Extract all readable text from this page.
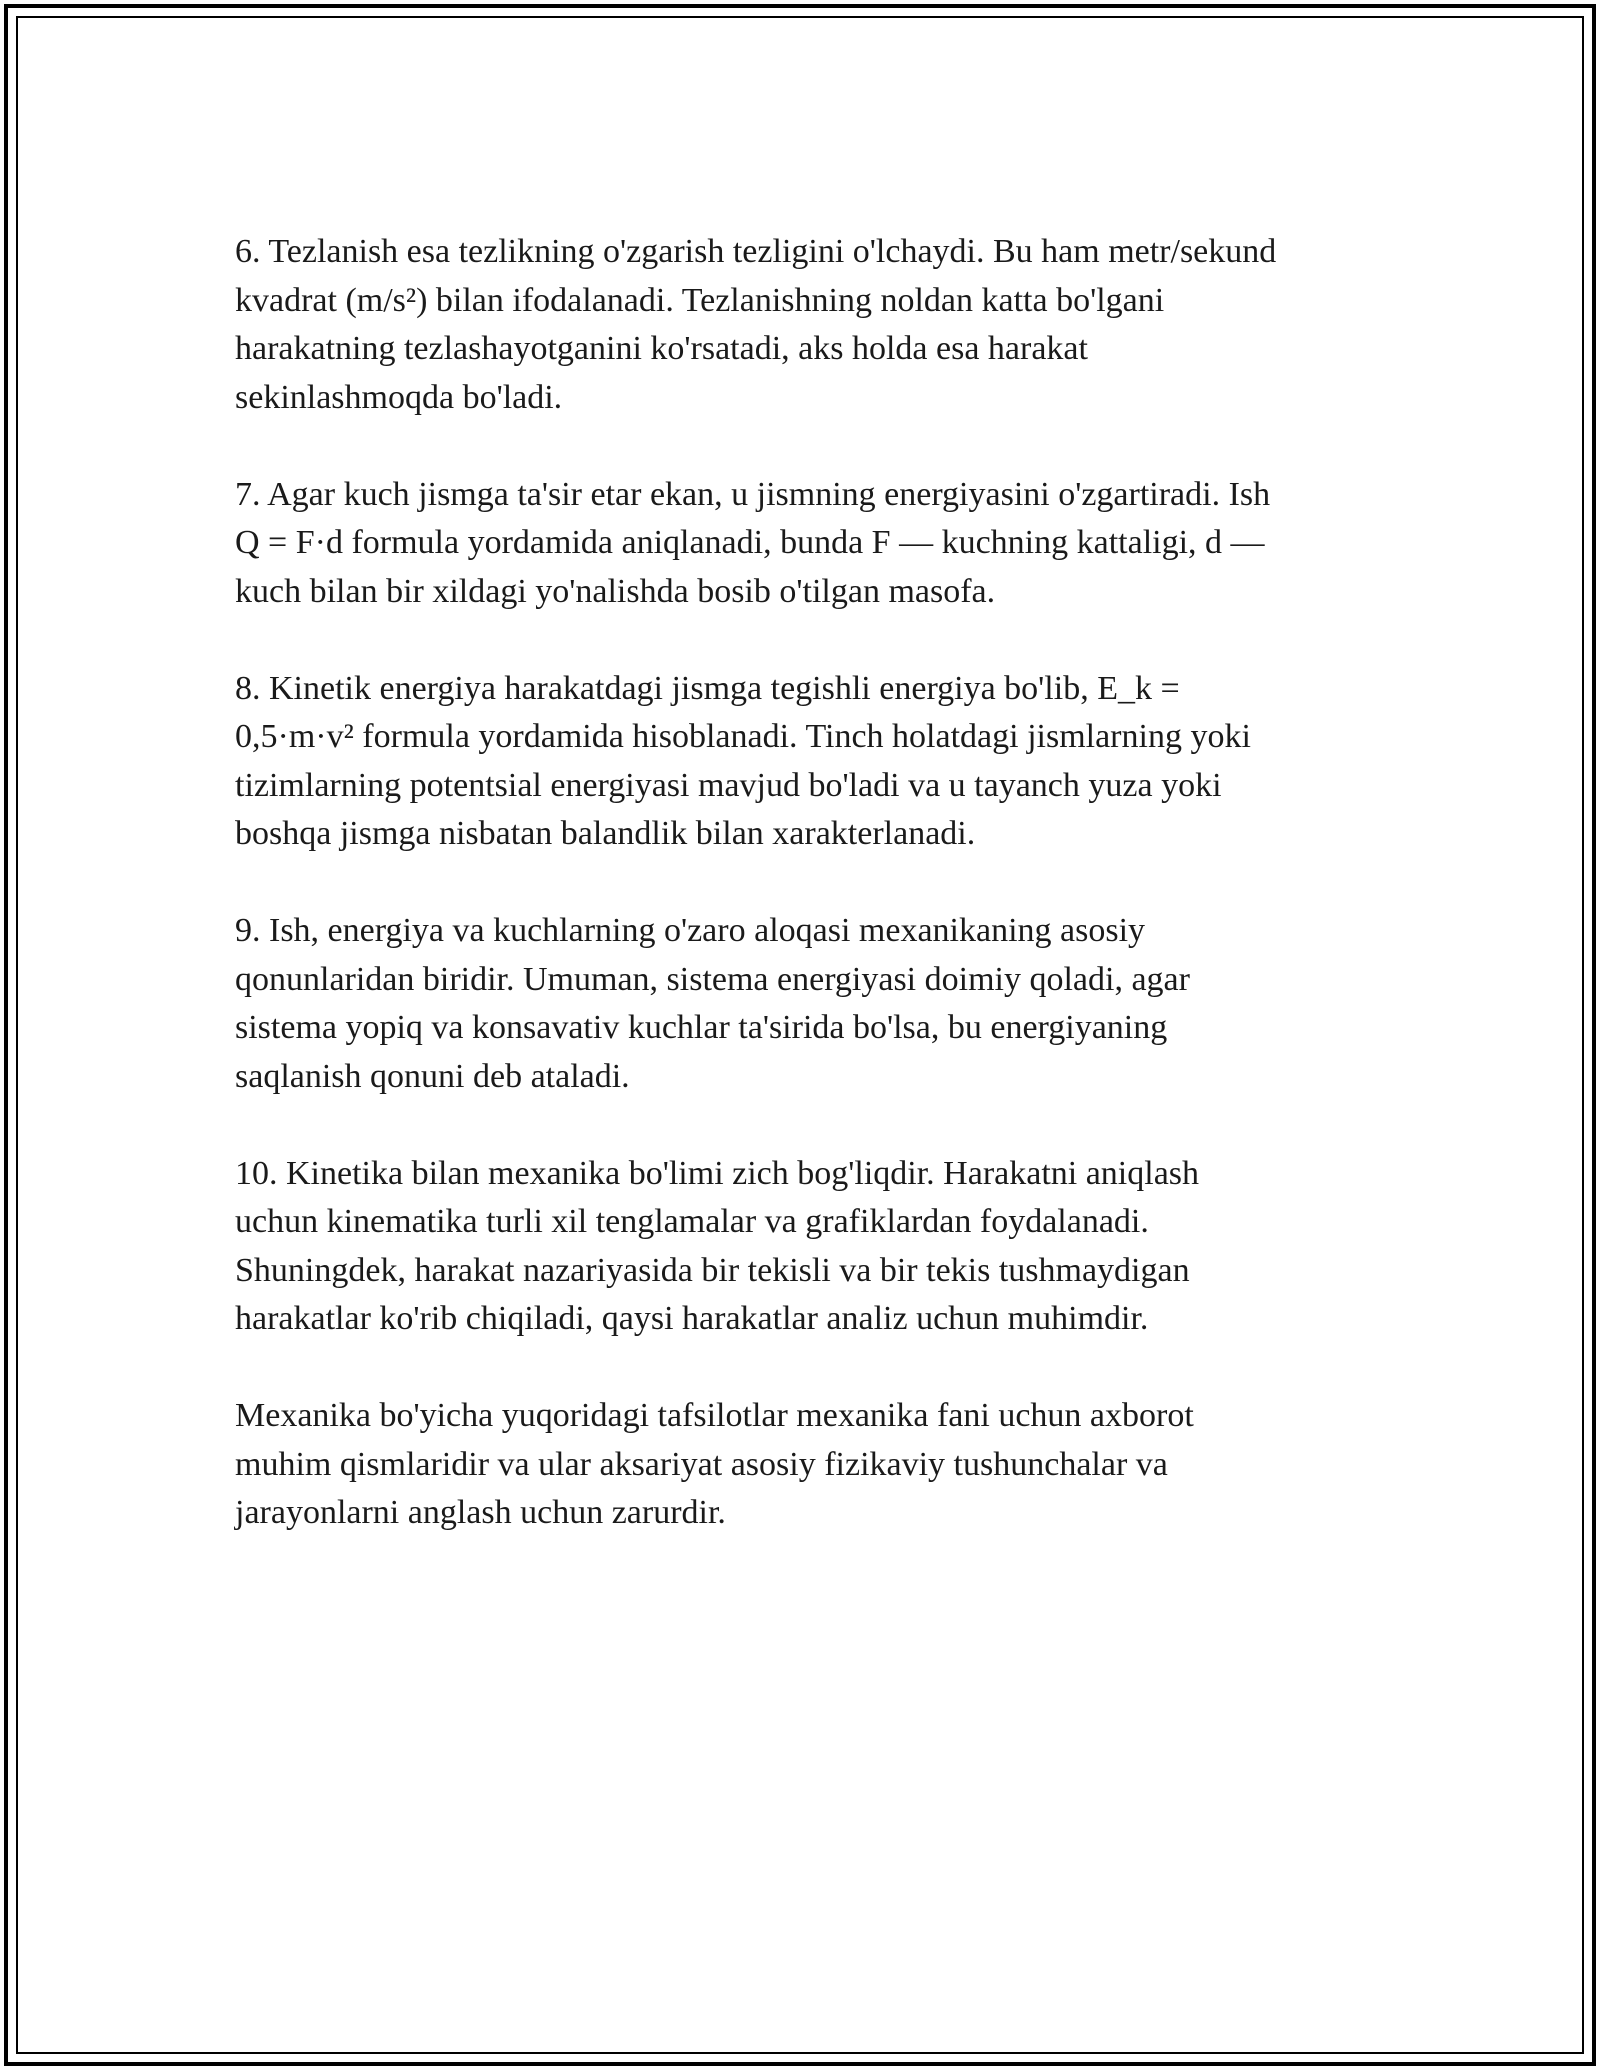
6. Tezlanish esa tezlikning o'zgarish tezligini o'lchaydi. Bu ham metr/sekund
kvadrat (m/s²) bilan ifodalanadi. Tezlanishning noldan katta bo'lgani
harakatning tezlashayotganini ko'rsatadi, aks holda esa harakat
sekinlashmoqda bo'ladi.

7. Agar kuch jismga ta'sir etar ekan, u jismning energiyasini o'zgartiradi. Ish
Q = F·d formula yordamida aniqlanadi, bunda F — kuchning kattaligi, d —
kuch bilan bir xildagi yo'nalishda bosib o'tilgan masofa.

8. Kinetik energiya harakatdagi jismga tegishli energiya bo'lib, E_k =
0,5·m·v² formula yordamida hisoblanadi. Tinch holatdagi jismlarning yoki
tizimlarning potentsial energiyasi mavjud bo'ladi va u tayanch yuza yoki
boshqa jismga nisbatan balandlik bilan xarakterlanadi.

9. Ish, energiya va kuchlarning o'zaro aloqasi mexanikaning asosiy
qonunlaridan biridir. Umuman, sistema energiyasi doimiy qoladi, agar
sistema yopiq va konsavativ kuchlar ta'sirida bo'lsa, bu energiyaning
saqlanish qonuni deb ataladi.

10. Kinetika bilan mexanika bo'limi zich bog'liqdir. Harakatni aniqlash
uchun kinematika turli xil tenglamalar va grafiklardan foydalanadi.
Shuningdek, harakat nazariyasida bir tekisli va bir tekis tushmaydigan
harakatlar ko'rib chiqiladi, qaysi harakatlar analiz uchun muhimdir.

Mexanika bo'yicha yuqoridagi tafsilotlar mexanika fani uchun axborot
muhim qismlaridir va ular aksariyat asosiy fizikaviy tushunchalar va
jarayonlarni anglash uchun zarurdir.
